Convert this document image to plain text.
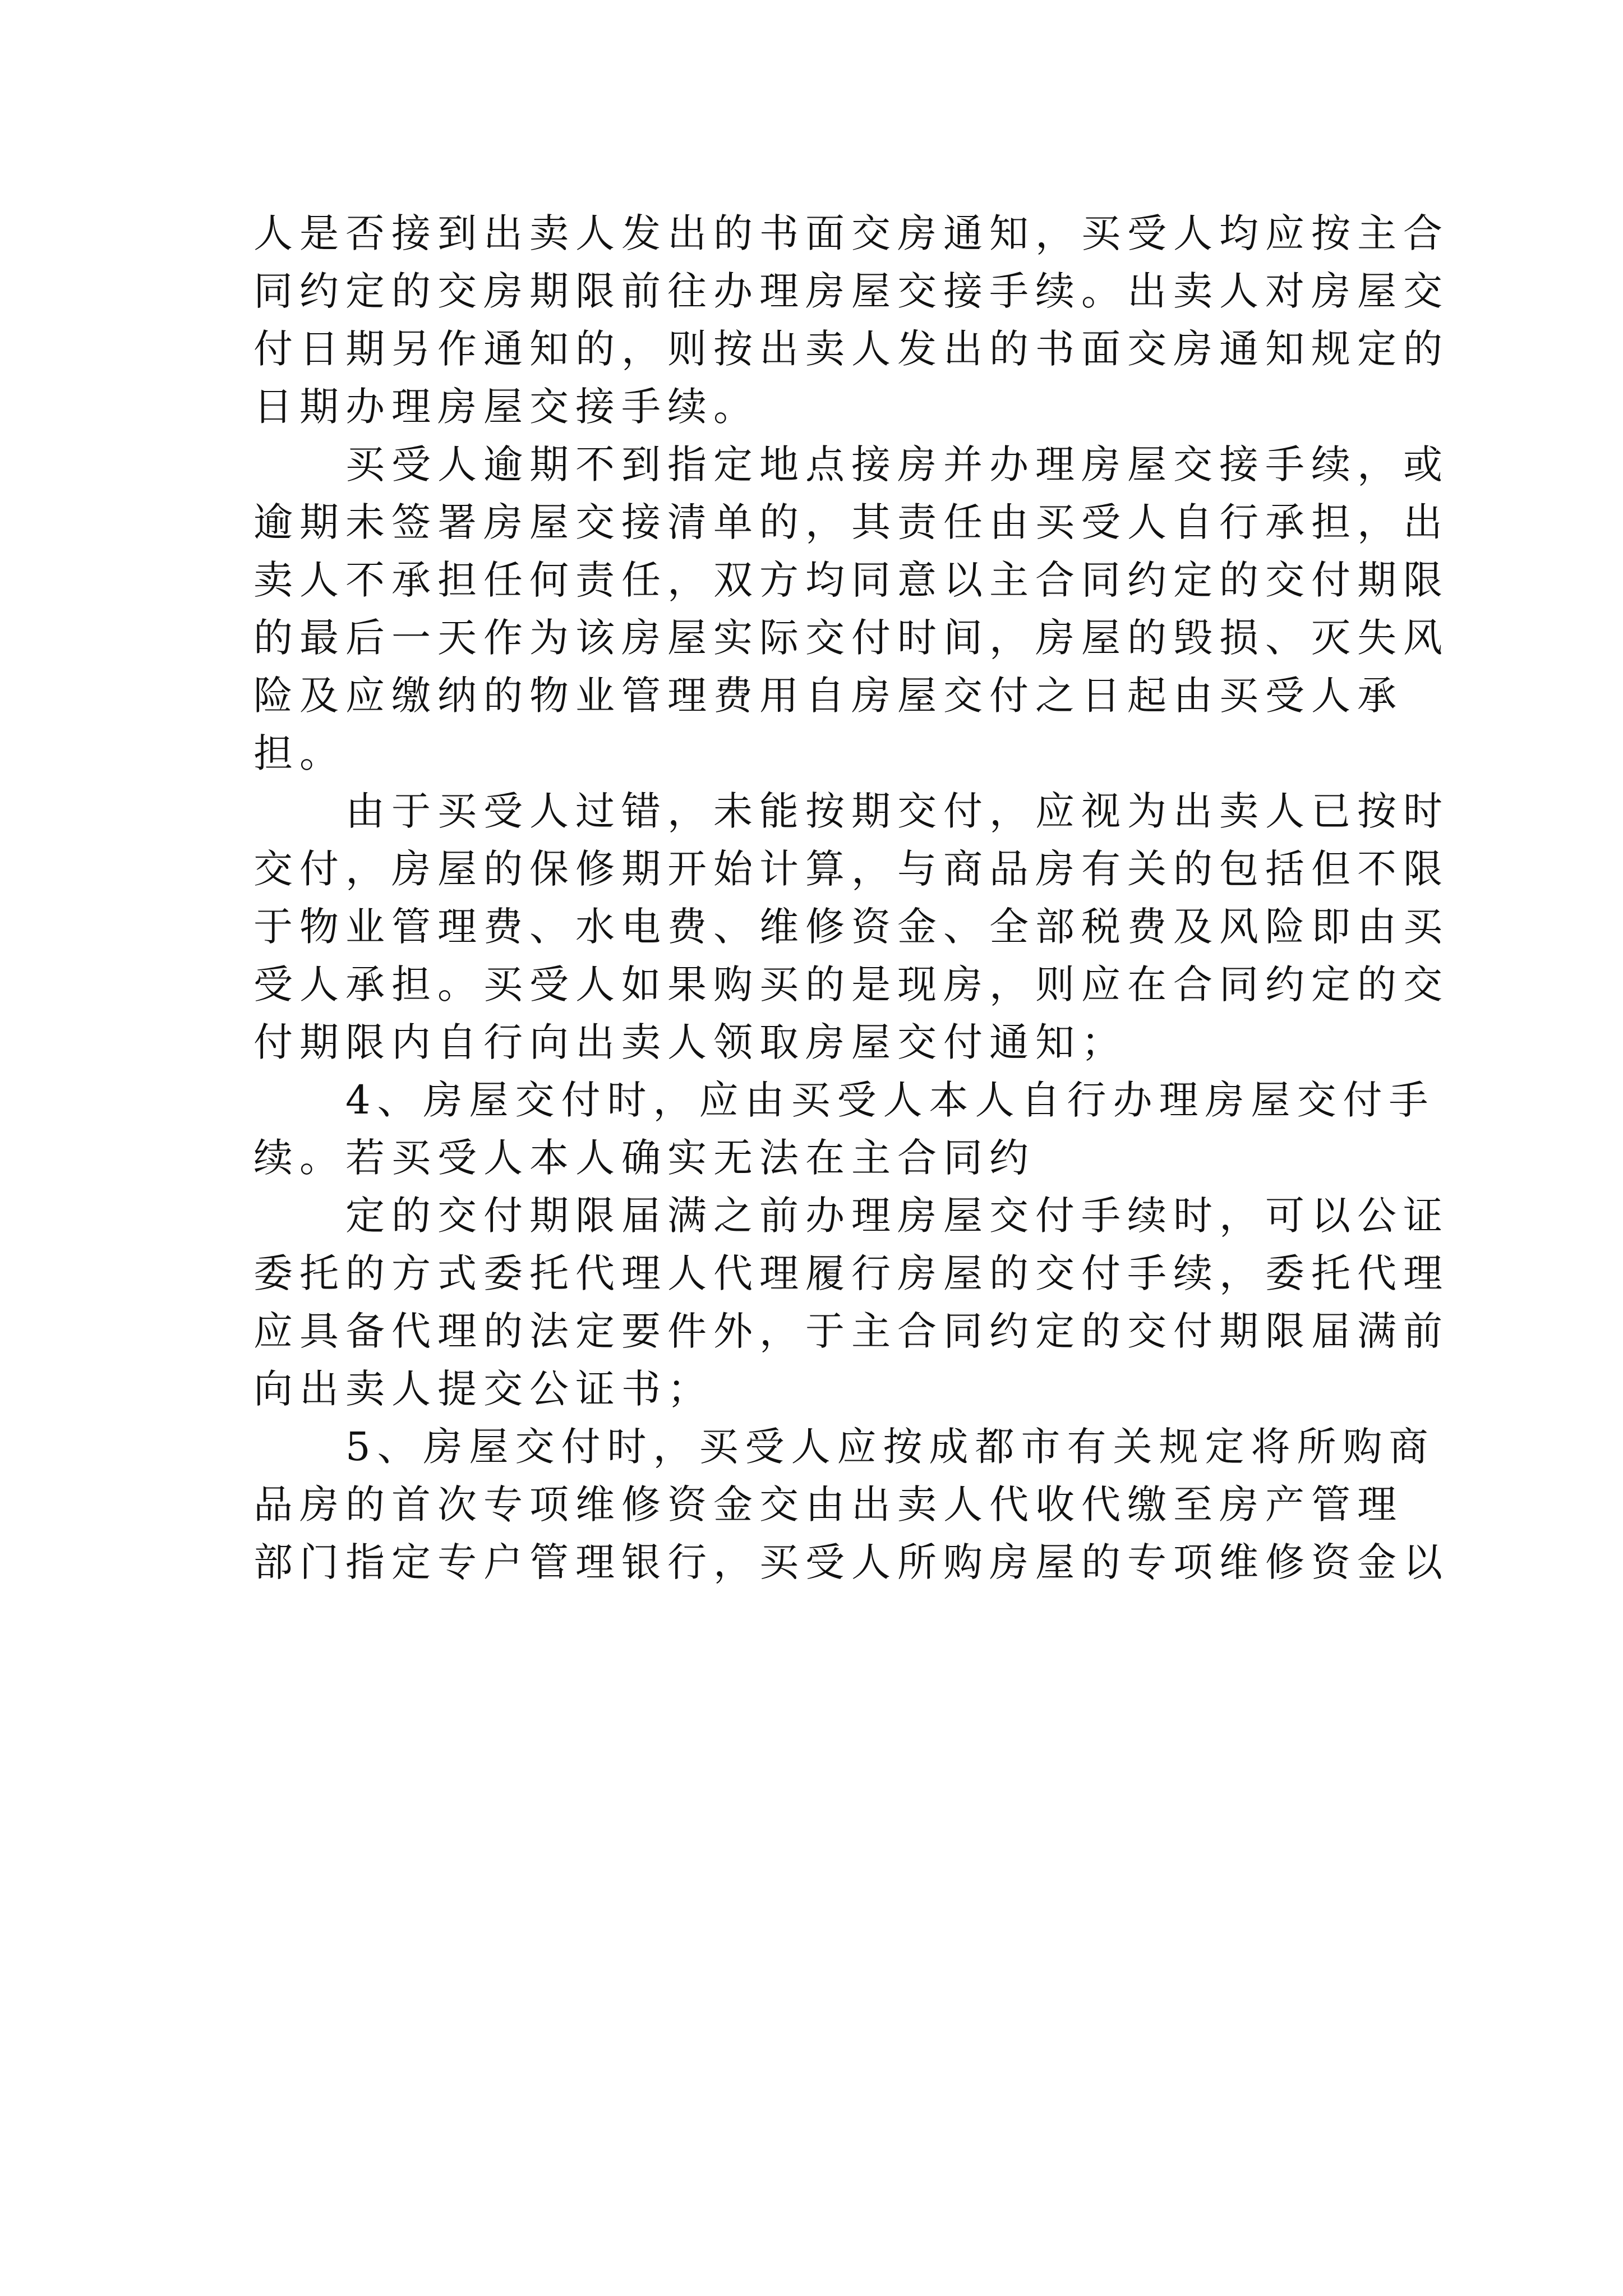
人是否接到出卖人发出的书面交房通知，买受人均应按主合
同约定的交房期限前往办理房屋交接手续。出卖人对房屋交
付日期另作通知的，则按出卖人发出的书面交房通知规定的
日期办理房屋交接手续。

买受人逾期不到指定地点接房并办理房屋交接手续，或
逾期未签署房屋交接清单的，其责任由买受人自行承担，出
卖人不承担任何责任，双方均同意以主合同约定的交付期限
的最后一天作为该房屋实际交付时间，房屋的毁损、灭失风
险及应缴纳的物业管理费用自房屋交付之日起由买受人承
担。

由于买受人过错，未能按期交付，应视为出卖人已按时
交付，房屋的保修期开始计算，与商品房有关的包括但不限
于物业管理费、水电费、维修资金、全部税费及风险即由买
受人承担。买受人如果购买的是现房，则应在合同约定的交
付期限内自行向出卖人领取房屋交付通知；

4、房屋交付时，应由买受人本人自行办理房屋交付手
续。若买受人本人确实无法在主合同约

定的交付期限届满之前办理房屋交付手续时，可以公证
委托的方式委托代理人代理履行房屋的交付手续，委托代理
应具备代理的法定要件外，于主合同约定的交付期限届满前
向出卖人提交公证书；

5、房屋交付时，买受人应按成都市有关规定将所购商
品房的首次专项维修资金交由出卖人代收代缴至房产管理
部门指定专户管理银行，买受人所购房屋的专项维修资金以
